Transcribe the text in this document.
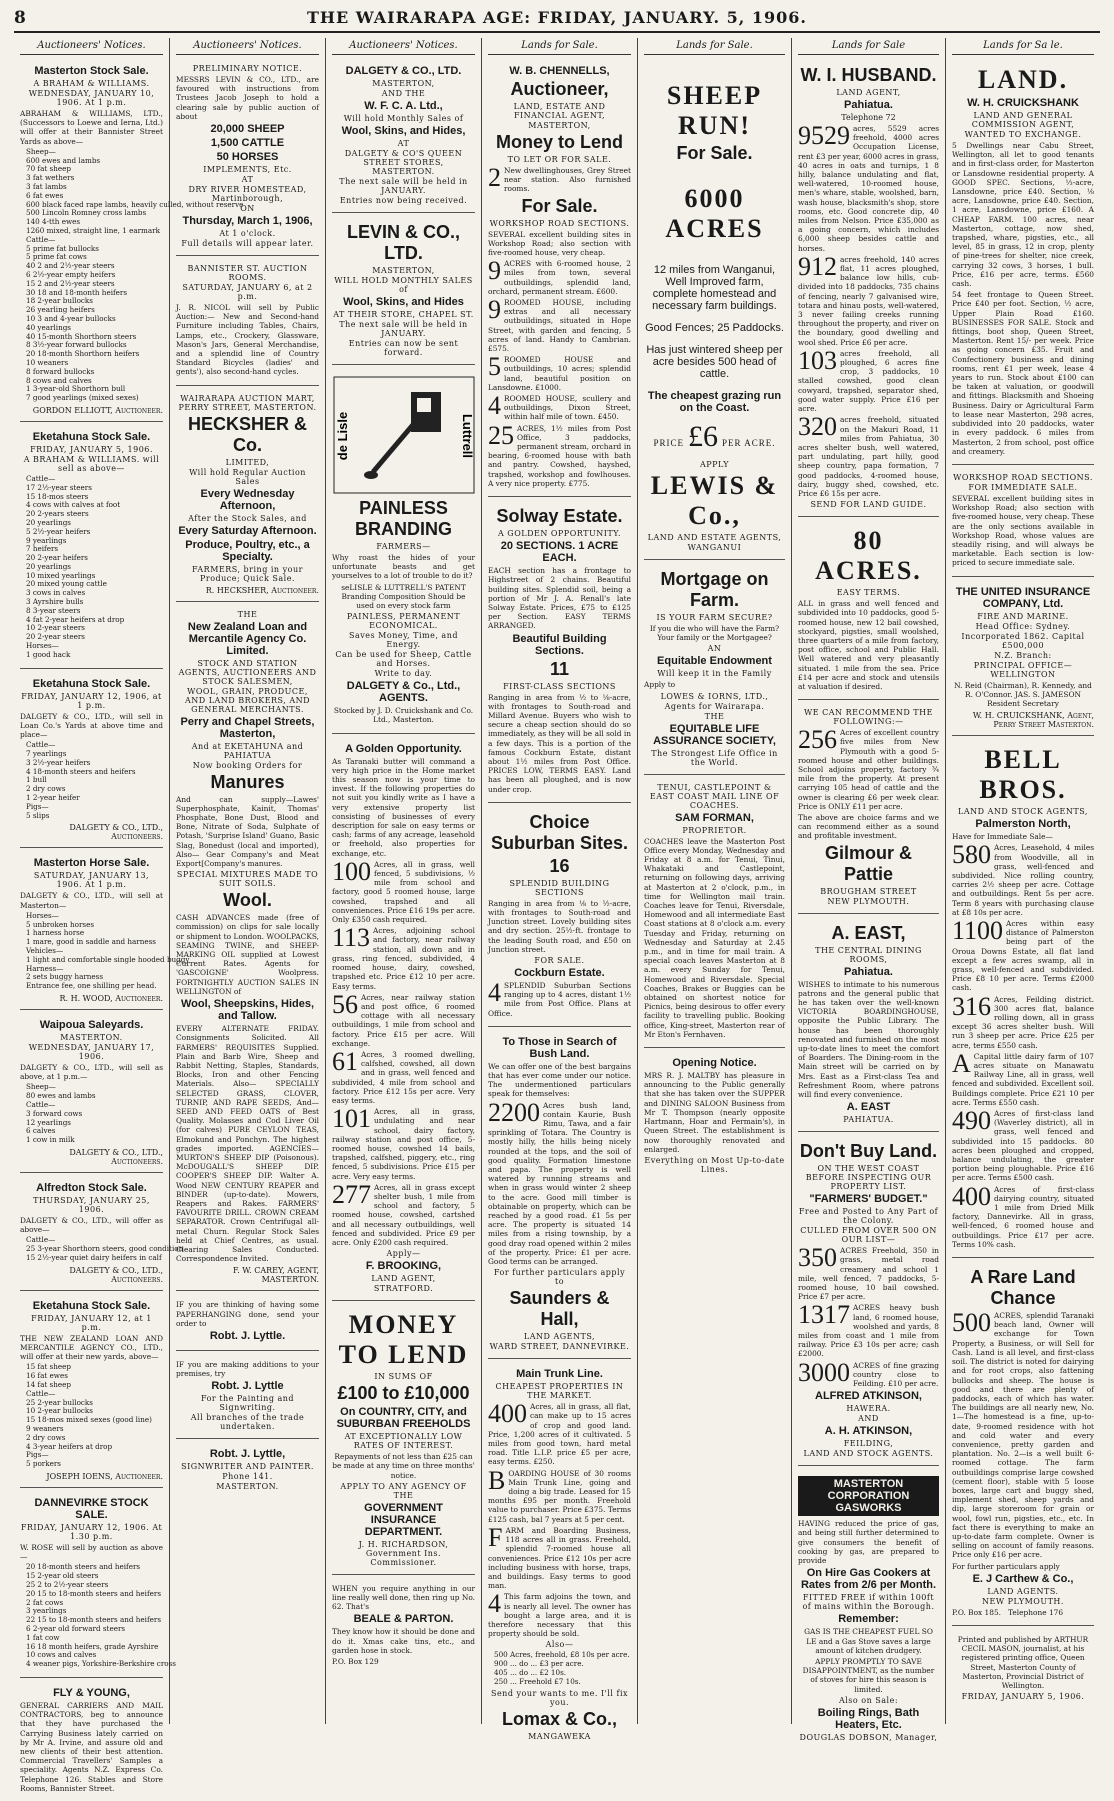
8	THE WAIRARAPA AGE: FRIDAY, JANUARY. 5, 1906.
Auctioneers' Notices.
Masterton Stock Sale.
A BRAHAM & WILLIAMS.
WEDNESDAY, JANUARY 10, 1906. At 1 p.m.
ABRAHAM & WILLIAMS, LTD., (Successors to Loewe and Ierna, Ltd.) will offer at their Bannister Street Yards as above—
Sheep—
600 ewes and lambs
70 fat sheep
3 fat wethers
3 fat lambs
6 fat ewes
600 black faced rape lambs, heavily culled, without reserve
500 Lincoln Romney cross lambs
140 4-tth ewes
1260 mixed, straight line, 1 earmark
Cattle—
5 prime fat bullocks
5 prime fat cows
40 2 and 2½-year steers
6 2½-year empty heifers
15 2 and 2½-year steers
30 18 and 18-month heifers
18 2-year bullocks
26 yearling heifers
10 3 and 4-year bullocks
40 yearlings
40 15-month Shorthorn steers
8 3½-year forward bullocks
20 18-month Shorthorn heifers
10 weaners
8 forward bullocks
8 cows and calves
1 3-year-old Shorthorn bull
7 good yearlings (mixed sexes)
GORDON ELLIOTT, Auctioneer.
Eketahuna Stock Sale.
FRIDAY, JANUARY 5, 1906.
A BRAHAM & WILLIAMS. will sell as above—
Cattle—
17 2½-year steers
15 18-mos steers
4 cows with calves at foot
20 2-years steers
20 yearlings
5 2½-year heifers
9 yearlings
7 heifers
20 2-year heifers
20 yearlings
10 mixed yearlings
20 mixed young cattle
3 cows in calves
3 Ayrshire bulls
8 3-year steers
4 fat 2-year heifers at drop
10 2-year steers
20 2-year steers
Horses—
1 good hack
Eketahuna Stock Sale.
FRIDAY, JANUARY 12, 1906, at 1 p.m.
DALGETY & CO., LTD., will sell in Loan Co.'s Yards at above time and place—
Cattle—
7 yearlings
3 2½-year heifers
4 18-month steers and heifers
1 bull
2 dry cows
1 2-year heifer
Pigs—
5 slips
DALGETY & CO., LTD., Auctioneers.
Masterton Horse Sale.
SATURDAY, JANUARY 13, 1906. At 1 p.m.
DALGETY & CO., LTD., will sell at Masterton—
Horses—
5 unbroken horses
1 harness horse
1 mare, good in saddle and harness
Vehicles—
1 light and comfortable single hooded buggy
Harness—
2 sets buggy harness
Entrance fee, one shilling per head.
R. H. WOOD, Auctioneer.
Waipoua Saleyards.
MASTERTON.
WEDNESDAY, JANUARY 17, 1906.
DALGETY & CO., LTD., will sell as above, at 1 p.m.—
Sheep—
80 ewes and lambs
Cattle—
3 forward cows
12 yearlings
6 calves
1 cow in milk
DALGETY & CO., LTD., Auctioneers.
Alfredton Stock Sale.
THURSDAY, JANUARY 25, 1906.
DALGETY & CO., LTD., will offer as above—
Cattle—
25 3-year Shorthorn steers, good condition
15 2½-year quiet dairy heifers in calf
DALGETY & CO., LTD., Auctioneers.
Eketahuna Stock Sale.
FRIDAY, JANUARY 12, at 1 p.m.
THE NEW ZEALAND LOAN AND MERCANTILE AGENCY CO., LTD., will offer at their new yards, above—
15 fat sheep
16 fat ewes
14 fat sheep
Cattle—
25 2-year bullocks
10 2-year bullocks
15 18-mos mixed sexes (good line)
9 weaners
2 dry cows
4 3-year heifers at drop
Pigs—
5 porkers
JOSEPH IOENS, Auctioneer.
DANNEVIRKE STOCK SALE.
FRIDAY, JANUARY 12, 1906. At 1.30 p.m.
W. ROSE will sell by auction as above—
20 18-month steers and heifers
15 2-year old steers
25 2 to 2½-year steers
20 15 to 18-month steers and heifers
2 fat cows
3 yearlings
22 15 to 18-month steers and heifers
6 2-year old forward steers
1 fat cow
16 18 month heifers, grade Ayrshire
10 cows and calves
4 weaner pigs, Yorkshire-Berkshire cross
FLY & YOUNG,
GENERAL CARRIERS AND MAIL CONTRACTORS, beg to announce that they have purchased the Carrying Business lately carried on by Mr A. Irvine, and assure old and new clients of their best attention. Commercial Travellers' Samples a speciality. Agents N.Z. Express Co. Telephone 126. Stables and Store Rooms, Bannister Street.
Auctioneers' Notices.
PRELIMINARY NOTICE.
MESSRS LEVIN & CO., LTD., are favoured with instructions from Trustees Jacob Joseph to hold a clearing sale by public auction of about
20,000 SHEEP
1,500 CATTLE
50 HORSES
IMPLEMENTS, Etc.
AT
DRY RIVER HOMESTEAD, Martinborough,
ON
Thursday, March 1, 1906,
At 1 o'clock.
Full details will appear later.
BANNISTER ST. AUCTION ROOMS.
SATURDAY, JANUARY 6, at 2 p.m.
J. R. NICOL will sell by Public Auction:— New and Second-hand Furniture including Tables, Chairs, Lamps, etc., Crockery, Glassware, Mason's Jars, General Merchandise, and a splendid line of Country Standard Bicycles (ladies' and gents'), also second-hand cycles.
WAIRARAPA AUCTION MART, PERRY STREET, MASTERTON.
HECKSHER & Co.
LIMITED,
Will hold Regular Auction Sales
Every Wednesday Afternoon,
After the Stock Sales, and
Every Saturday Afternoon.
Produce, Poultry, etc., a Specialty.
FARMERS, bring in your Produce; Quick Sale.
R. HECKSHER, Auctioneer.
THE
New Zealand Loan and Mercantile Agency Co. Limited.
STOCK AND STATION AGENTS, AUCTIONEERS AND STOCK SALESMEN,
WOOL, GRAIN, PRODUCE, AND LAND BROKERS, AND GENERAL MERCHANTS.
Perry and Chapel Streets, Masterton,
And at EKETAHUNA and PAHIATUA
Now booking Orders for
Manures
And can supply—Lawes' Superphosphate, Kainit, Thomas' Phosphate, Bone Dust, Blood and Bone, Nitrate of Soda, Sulphate of Potash, 'Surprise Island' Guano, Basic Slag, Bonedust (local and imported), Also— Gear Company's and Meat Export[Company's manures.
SPECIAL MIXTURES MADE TO SUIT SOILS.
Wool.
CASH ADVANCES made (free of commission) on clips for sale locally or shipment to London. WOOLPACKS, SEAMING TWINE, and SHEEP-MARKING OIL supplied at Lowest Current Rates. Agents for 'GASCOIGNE' Woolpress. FORTNIGHTLY AUCTION SALES IN WELLINGTON of
Wool, Sheepskins, Hides, and Tallow.
EVERY ALTERNATE FRIDAY. Consignments Solicited. All FARMERS' REQUISITES Supplied. Plain and Barb Wire, Sheep and Rabbit Netting, Staples, Standards, Blocks, Iron and other Fencing Materials. Also— SPECIALLY SELECTED GRASS, CLOVER, TURNIP, AND RAPE SEEDS, And— SEED AND FEED OATS of Best Quality. Molasses and Cod Liver Oil (for calves) PURE CEYLON TEAS, Elmokund and Ponchyn. The highest grades imported. AGENCIES— MURTON'S SHEEP DIP (Poisonous). McDOUGALL'S SHEEP DIP. COOPER'S SHEEP DIP. Walter A. Wood NEW CENTURY REAPER and BINDER (up-to-date). Mowers, Reapers and Rakes. FARMERS' FAVOURITE DRILL. CROWN CREAM SEPARATOR. Crown Centrifugal all-metal Churn. Regular Stock Sales held at Chief Centres, as usual. Clearing Sales Conducted. Correspondence Invited.
F. W. CAREY, AGENT, MASTERTON.
IF you are thinking of having some PAPERHANGING done, send your order to
Robt. J. Lyttle.
IF you are making additions to your premises, try
Robt. J. Lyttle
For the Painting and Signwriting.
All branches of the trade undertaken.
Robt. J. Lyttle,
SIGNWRITER AND PAINTER.
Phone 141.
MASTERTON.
Auctioneers' Notices.
DALGETY & CO., LTD.
MASTERTON,
AND THE
W. F. C. A. Ltd.,
Will hold Monthly Sales of
Wool, Skins, and Hides,
AT
DALGETY & CO'S QUEEN STREET STORES, MASTERTON.
The next sale will be held in JANUARY.
Entries now being received.
LEVIN & CO., LTD.
MASTERTON,
WILL HOLD MONTHLY SALES of
Wool, Skins, and Hides
AT THEIR STORE, CHAPEL ST.
The next sale will be held in JANUARY.
Entries can now be sent forward.
de Lisle	Luttrell
PAINLESS BRANDING
FARMERS—
Why roast the hides of your unfortunate beasts and get yourselves to a lot of trouble to do it?
seLISLE & LUTTRELL'S PATENT Branding Composition Should be used on every stock farm
PAINLESS, PERMANENT ECONOMICAL.
Saves Money, Time, and Energy.
Can be used for Sheep, Cattle and Horses.
Write to day.
DALGETY & Co., Ltd., AGENTS.
Stocked by J. D. Cruickshank and Co. Ltd., Masterton.
A Golden Opportunity.
As Taranaki butter will command a very high price in the Home market this season now is your time to invest. If the following properties do not suit you kindly write as I have a very extensive property list consisting of businesses of every description for sale on easy terms or cash; farms of any acreage, leasehold or freehold, also properties for exchange, etc.
100 Acres, all in grass, well fenced, 5 subdivisions, ½ mile from school and factory, good 5 roomed house, large cowshed, trapshed and all conveniences. Price £16 19s per acre. Only £350 cash required.
113 Acres, adjoining school and factory, near railway station, all down and in grass, ring fenced, subdivided, 4 roomed house, dairy, cowshed, trapshed etc. Price £12 10 per acre. Easy terms.
56 Acres, near railway station and post office, 6 roomed cottage with all necessary outbuildings, 1 mile from school and factory. Price £15 per acre. Will exchange.
61 Acres, 3 roomed dwelling, calfshed, cowshed, all down and in grass, well fenced and subdivided, 4 mile from school and factory. Price £12 15s per acre. Very easy terms.
101 Acres, all in grass, undulating and near school, dairy factory, railway station and post office, 5-roomed house, cowshed 14 bails, trapshed, calfshed, piggery, etc., ring fenced, 5 subdivisions. Price £15 per acre. Very easy terms.
277 Acres, all in grass except shelter bush, 1 mile from school and factory, 5 roomed house, cowshed, cartshed and all necessary outbuildings, well fenced and subdivided. Price £9 per acre. Only £200 cash required.
Apply—
F. BROOKING,
LAND AGENT,
STRATFORD.
MONEY TO LEND
IN SUMS OF
£100 to £10,000
On COUNTRY, CITY, and SUBURBAN FREEHOLDS
AT EXCEPTIONALLY LOW RATES OF INTEREST.
Repayments of not less than £25 can be made at any time on three months' notice.
APPLY TO ANY AGENCY OF THE
GOVERNMENT INSURANCE DEPARTMENT.
J. H. RICHARDSON, Government Ins. Commissioner.
WHEN you require anything in our line really well done, then ring up No. 62. That's
BEALE & PARTON.
They know how it should be done and do it. Xmas cake tins, etc., and garden hose in stock.
P.O. Box 129
Lands for Sale.
W. B. CHENNELLS,
Auctioneer,
LAND, ESTATE AND FINANCIAL AGENT,
MASTERTON,
Money to Lend
TO LET OR FOR SALE.
2 New dwellinghouses, Grey Street near station. Also furnished rooms.
For Sale.
WORKSHOP ROAD SECTIONS.
SEVERAL excellent building sites in Workshop Road; also section with five-roomed house, very cheap.
9 ACRES with 6-roomed house, 2 miles from town, several outbuildings, splendid land, orchard, permanent stream. £600.
9 ROOMED HOUSE, including extras and all necessary outbuildings, situated in Hope Street, with garden and fencing, 5 acres of land. Handy to Cambrian. £575.
5 ROOMED HOUSE and outbuildings, 10 acres; splendid land, beautiful position on Lansdowne. £1000.
4 ROOMED HOUSE, scullery and outbuildings, Dixon Street, within half mile of town. £450.
25 ACRES, 1½ miles from Post Office, 3 paddocks, permanent stream, orchard in bearing, 6-roomed house with bath and pantry. Cowshed, hayshed, trapshed, workshop and fowlhouses. A very nice property. £775.
Solway Estate.
A GOLDEN OPPORTUNITY.
20 SECTIONS. 1 ACRE EACH.
EACH section has a frontage to Highstreet of 2 chains. Beautiful building sites. Splendid soil, being a portion of Mr J. A. Renall's late Solway Estate. Prices, £75 to £125 per Section. EASY TERMS ARRANGED.
Beautiful Building Sections.
11
FIRST-CLASS SECTIONS
Ranging in area from ½ to ⅛-acre, with frontages to South-road and Millard Avenue. Buyers who wish to secure a cheap section should do so immediately, as they will be all sold in a few days. This is a portion of the famous Cockburn Estate, distant about 1½ miles from Post Office. PRICES LOW, TERMS EASY. Land has been all ploughed, and is now under crop.
Choice Suburban Sites.
16
SPLENDID BUILDING SECTIONS
Ranging in area from ⅛ to ½-acre, with frontages to South-road and Junction street. Lovely building sites and dry section. 25½-ft. frontage to the leading South road, and £50 on Junction street.
FOR SALE.
Cockburn Estate.
4 SPLENDID Suburban Sections ranging up to 4 acres, distant 1½ mile from Post Office. Plans at Office.
To Those in Search of Bush Land.
We can offer one of the best bargains that has ever come under our notice. The undermentioned particulars speak for themselves:
2200 Acres bush land, contain Kaurie, Bush Rimu, Tawa, and a fair sprinkling of Totara. The Country is mostly hilly, the hills being nicely rounded at the tops, and the soil of good quality. Formation limestone and papa. The property is well watered by running streams and when in grass would winter 2 sheep to the acre. Good mill timber is obtainable on property, which can be reached by a good road. £1 5s per acre. The property is situated 14 miles from a rising township, by a good dray road opened within 2 miles of the property. Price: £1 per acre. Good terms can be arranged.
For further particulars apply to
Saunders & Hall,
LAND AGENTS,
WARD STREET, DANNEVIRKE.
Main Trunk Line.
CHEAPEST PROPERTIES IN THE MARKET.
400 Acres, all in grass, all flat, can make up to 15 acres of crop and good land. Price, 1,200 acres of it cultivated. 5 miles from good town, hard metal road. Title L.I.P. price £5 per acre, easy terms. £250.
BOARDING HOUSE of 30 rooms Main Trunk Line, going and doing a big trade. Leased for 15 months £95 per month. Freehold value to purchaser. Price £375. Terms £125 cash, bal 7 years at 5 per cent.
FARM and Boarding Business, 118 acres all in grass. Freehold, splendid 7-roomed house all conveniences. Price £12 10s per acre including business with horse, traps, and buildings. Easy terms to good man.
4 This farm adjoins the town, and is nearly all level. The owner has bought a large area, and it is therefore necessary that this property should be sold.
Also—
500 Acres, freehold, £8 10s per acre.
900 ... do ... £3 per acre.
405 ... do ... £2 10s.
250 ... Freehold £7 10s.
Send your wants to me. I'll fix you.
Lomax & Co.,
MANGAWEKA
Lands for Sale.
SHEEP RUN!
For Sale.
6000 ACRES
12 miles from Wanganui, Well Improved farm, complete homestead and necessary farm buildings.
Good Fences; 25 Paddocks.
Has just wintered sheep per acre besides 500 head of cattle.
The cheapest grazing run on the Coast.
PRICE £6 PER ACRE.
APPLY
LEWIS & Co.,
LAND AND ESTATE AGENTS,
WANGANUI
Mortgage on Farm.
IS YOUR FARM SECURE?
If you die who will have the Farm? Your family or the Mortgagee?
AN
Equitable Endowment
Will keep it in the Family
Apply to
LOWES & IORNS, LTD.,
Agents for Wairarapa.
THE
EQUITABLE LIFE ASSURANCE SOCIETY,
The Strongest Life Office in the World.
TENUI, CASTLEPOINT & EAST COAST MAIL LINE OF COACHES.
SAM FORMAN,
PROPRIETOR.
COACHES leave the Masterton Post Office every Monday, Wednesday and Friday at 8 a.m. for Tenui, Tinui, Whakataki and Castlepoint, returning on following days, arriving at Masterton at 2 o'clock, p.m., in time for Wellington mail train. Coaches leave for Tenui, Riversdale, Homewood and all intermediate East Coast stations at 8 o'clock a.m. every Tuesday and Friday, returning on Wednesday and Saturday at 2.45 p.m., and in time for mail train. A special coach leaves Masterton at 8 a.m. every Sunday for Tenui, Homewood and Riversdale. Special Coaches, Brakes or Buggies can be obtained on shortest notice for Picnics, being desirous to offer every facility to travelling public. Booking office, King-street, Masterton rear of Mr Eton's Fernhaven.
Opening Notice.
MRS R. J. MALTBY has pleasure in announcing to the Public generally that she has taken over the SUPPER and DINING SALOON Business from Mr T. Thompson (nearly opposite Hartmann, Hoar and Fermain's), in Queen Street. The establishment is now thoroughly renovated and enlarged.
Everything on Most Up-to-date Lines.
Lands for Sale
W. I. HUSBAND.
LAND AGENT,
Pahiatua.
Telephone 72
9529 acres, 5529 acres freehold, 4000 acres Occupation License, rent £3 per year, 6000 acres in grass, 40 acres in oats and turnips, 1 8 hilly, balance undulating and flat, well-watered, 10-roomed house, men's whare, stable, woolshed, barn, wash house, blacksmith's shop, store rooms, etc. Good concrete dip, 40 miles from Nelson. Price £35,000 as a going concern, which includes 6,000 sheep besides cattle and horses.
912 acres freehold, 140 acres flat, 11 acres ploughed, balance low hills, cub-divided into 18 paddocks, 735 chains of fencing, nearly 7 galvanised wire, totara and hinau posts, well-watered, 3 never failing creeks running throughout the property, and river on the boundary, good dwelling and wool shed. Price £6 per acre.
103 acres freehold, all ploughed, 6 acres fine crop, 3 paddocks, 10 stalled cowshed, good clean cowyard, trapshed, separator shed, good water supply. Price £16 per acre.
320 acres freehold, situated on the Makuri Road, 11 miles from Pahiatua, 30 acres shelter bush, well watered, part undulating, part hilly, good sheep country, papa formation, 7 good paddocks, 4-roomed house, dairy, buggy shed, cowshed, etc. Price £6 15s per acre.
SEND FOR LAND GUIDE.
80 ACRES.
EASY TERMS.
ALL in grass and well fenced and subdivided into 10 paddocks, good 5-roomed house, new 12 bail cowshed, stockyard, pigsties, small woolshed, three quarters of a mile from factory, post office, school and Public Hall. Well watered and very pleasantly situated. 1 mile from the sea. Price £14 per acre and stock and utensils at valuation if desired.
WE CAN RECOMMEND THE FOLLOWING:—
256 Acres of excellent country five miles from New Plymouth with a good 5-roomed house and other buildings. School adjoins property, factory ¾ mile from the property. At present carrying 105 head of cattle and the owner is clearing £6 per week clear. Price is ONLY £11 per acre.
The above are choice farms and we can recommend either as a sound and profitable investment.
Gilmour & Pattie
BROUGHAM STREET
NEW PLYMOUTH.
A. EAST,
THE CENTRAL DINING ROOMS,
Pahiatua.
WISHES to intimate to his numerous patrons and the general public that he has taken over the well-known VICTORIA BOARDINGHOUSE, opposite the Public Library. The house has been thoroughly renovated and furnished on the most up-to-date lines to meet the comfort of Boarders. The Dining-room in the Main street will be carried on by Mrs. East as a First-class Tea and Refreshment Room, where patrons will find every convenience.
A. EAST
PAHIATUA.
Don't Buy Land.
ON THE WEST COAST BEFORE INSPECTING OUR PROPERTY LIST.
"FARMERS' BUDGET."
Free and Posted to Any Part of the Colony.
CULLED FROM OVER 500 ON OUR LIST—
350 ACRES Freehold, 350 in grass, metal road creamery and school 1 mile, well fenced, 7 paddocks, 5-roomed house, 10 bail cowshed. Price £7 per acre.
1317 ACRES heavy bush land, 6 roomed house, woolshed and yards, 8 miles from coast and 1 mile from railway. Price £3 10s per acre; cash £2000.
3000 ACRES of fine grazing country close to Feilding. £10 per acre.
ALFRED ATKINSON,
HAWERA.
AND
A. H. ATKINSON,
FEILDING,
LAND AND STOCK AGENTS.
MASTERTON CORPORATION GASWORKS
HAVING reduced the price of gas, and being still further determined to give consumers the benefit of cooking by gas, are prepared to provide
On Hire Gas Cookers at Rates from 2/6 per Month.
FITTED FREE if within 100ft of mains within the Borough.
Remember:
GAS IS THE CHEAPEST FUEL SO LE and a Gas Stove saves a large amount of kitchen drudgery.
APPLY PROMPTLY TO SAVE DISAPPOINTMENT, as the number of stoves for hire this season is limited.
Also on Sale:
Boiling Rings, Bath Heaters, Etc.
DOUGLAS DOBSON, Manager,
Lands for Sa le.
LAND.
W. H. CRUICKSHANK
LAND AND GENERAL COMMISSION AGENT,
WANTED TO EXCHANGE.
5 Dwellings near Cabu Street, Wellington, all let to good tenants and in first-class order, for Masterton or Lansdowne residential property. A GOOD SPEC. Sections, ⅓-acre, Lansdowne, price £40. Section, ⅛ acre, Lansdowne, price £40. Section, 1 acre, Lansdowne, price £160. A CHEAP FARM. 100 acres, near Masterton, cottage, now shed, trapshed, whare, pigsties, etc., all level, 85 in grass, 12 in crop, plenty of pine-trees for shelter, nice creek, carrying 32 cows, 3 horses, 1 bull. Price, £16 per acre, terms. £560 cash.
54 feet frontage to Queen Street. Price £40 per foot. Section, ½ acre, Upper Plain Road £160. BUSINESSES FOR SALE. Stock and fittings, boot shop, Queen Street, Masterton. Rent 15/- per week. Price as going concern £35. Fruit and Confectionery business and dining rooms, rent £1 per week, lease 4 years to run. Stock about £100 can be taken at valuation, or goodwill and fittings. Blacksmith and Shoeing Business. Dairy or Agricultural Farm to lease near Masterton, 298 acres, subdivided into 20 paddocks, water in every paddock. 6 miles from Masterton, 2 from school, post office and creamery.
WORKSHOP ROAD SECTIONS.
FOR IMMEDIATE SALE.
SEVERAL excellent building sites in Workshop Road; also section with five-roomed house, very cheap. These are the only sections available in Workshop Road, whose values are steadily rising, and will always be marketable. Each section is low-priced to secure immediate sale.
THE UNITED INSURANCE COMPANY, Ltd.
FIRE AND MARINE.
Head Office: Sydney.
Incorporated 1862. Capital £500,000
N.Z. Branch:
PRINCIPAL OFFICE—WELLINGTON
N. Reid (Chairman), R. Kennedy, and R. O'Connor. JAS. S. JAMESON Resident Secretary
W. H. CRUICKSHANK, Agent, Perry Street Masterton.
BELL BROS.
LAND AND STOCK AGENTS,
Palmerston North,
Have for Immediate Sale—
580 Acres, Leasehold, 4 miles from Woodville, all in grass, well-fenced and subdivided. Nice rolling country, carries 2½ sheep per acre. Cottage and outbuildings. Rent 5s per acre. Term 8 years with purchasing clause at £8 10s per acre.
1100 Acres within easy distance of Palmerston being part of the Oroua Downs Estate, all flat land except a few acres swamp, all in grass, well-fenced and subdivided. Price £8 10 per acre. Terms £2000 cash.
316 Acres, Feilding district. 300 acres flat, balance rolling down, all in grass except 36 acres shelter bush. Will run 3 sheep per acre. Price £25 per acre, terms £550 cash.
A Capital little dairy farm of 107 acres situate on Manawatu Railway Line, all in grass, well fenced and subdivided. Excellent soil. Buildings complete. Price £21 10 per acre. Terms £550 cash.
490 Acres of first-class land (Waverley district), all in grass, well fenced and subdivided into 15 paddocks. 80 acres been ploughed and cropped, balance undulating, the greater portion being ploughable. Price £16 per acre. Terms £500 cash.
400 Acres of first-class dairying country, situated 1 mile from Dried Milk factory, Dannevirke. All in grass, well-fenced, 6 roomed house and outbuildings. Price £17 per acre. Terms 10% cash.
A Rare Land Chance
500 ACRES, splendid Taranaki beach land, Owner will exchange for Town Property, a Business, or will Sell for Cash. Land is all level, and first-class soil. The district is noted for dairying and for root crops, also fattening bullocks and sheep. The house is good and there are plenty of paddocks, each of which has water. The buildings are all nearly new, No. 1—The homestead is a fine, up-to-date, 9-roomed residence with hot and cold water and every convenience, pretty garden and plantation. No. 2—is a well built 6-roomed cottage. The farm outbuildings comprise large cowshed (cement floor), stable with 5 loose boxes, large cart and buggy shed, implement shed, sheep yards and dip, large storeroom for grain or wool, fowl run, pigsties, etc., etc. In fact there is everything to make an up-to-date farm complete. Owner is selling on account of family reasons. Price only £16 per acre.
For further particulars apply
E. J Carthew & Co.,
LAND AGENTS.
NEW PLYMOUTH.
P.O. Box 185. Telephone 176
Printed and published by ARTHUR CECIL MASON, journalist, at his registered printing office, Queen Street, Masterton County of Masterton, Provincial District of Wellington.
FRIDAY, JANUARY 5, 1906.
